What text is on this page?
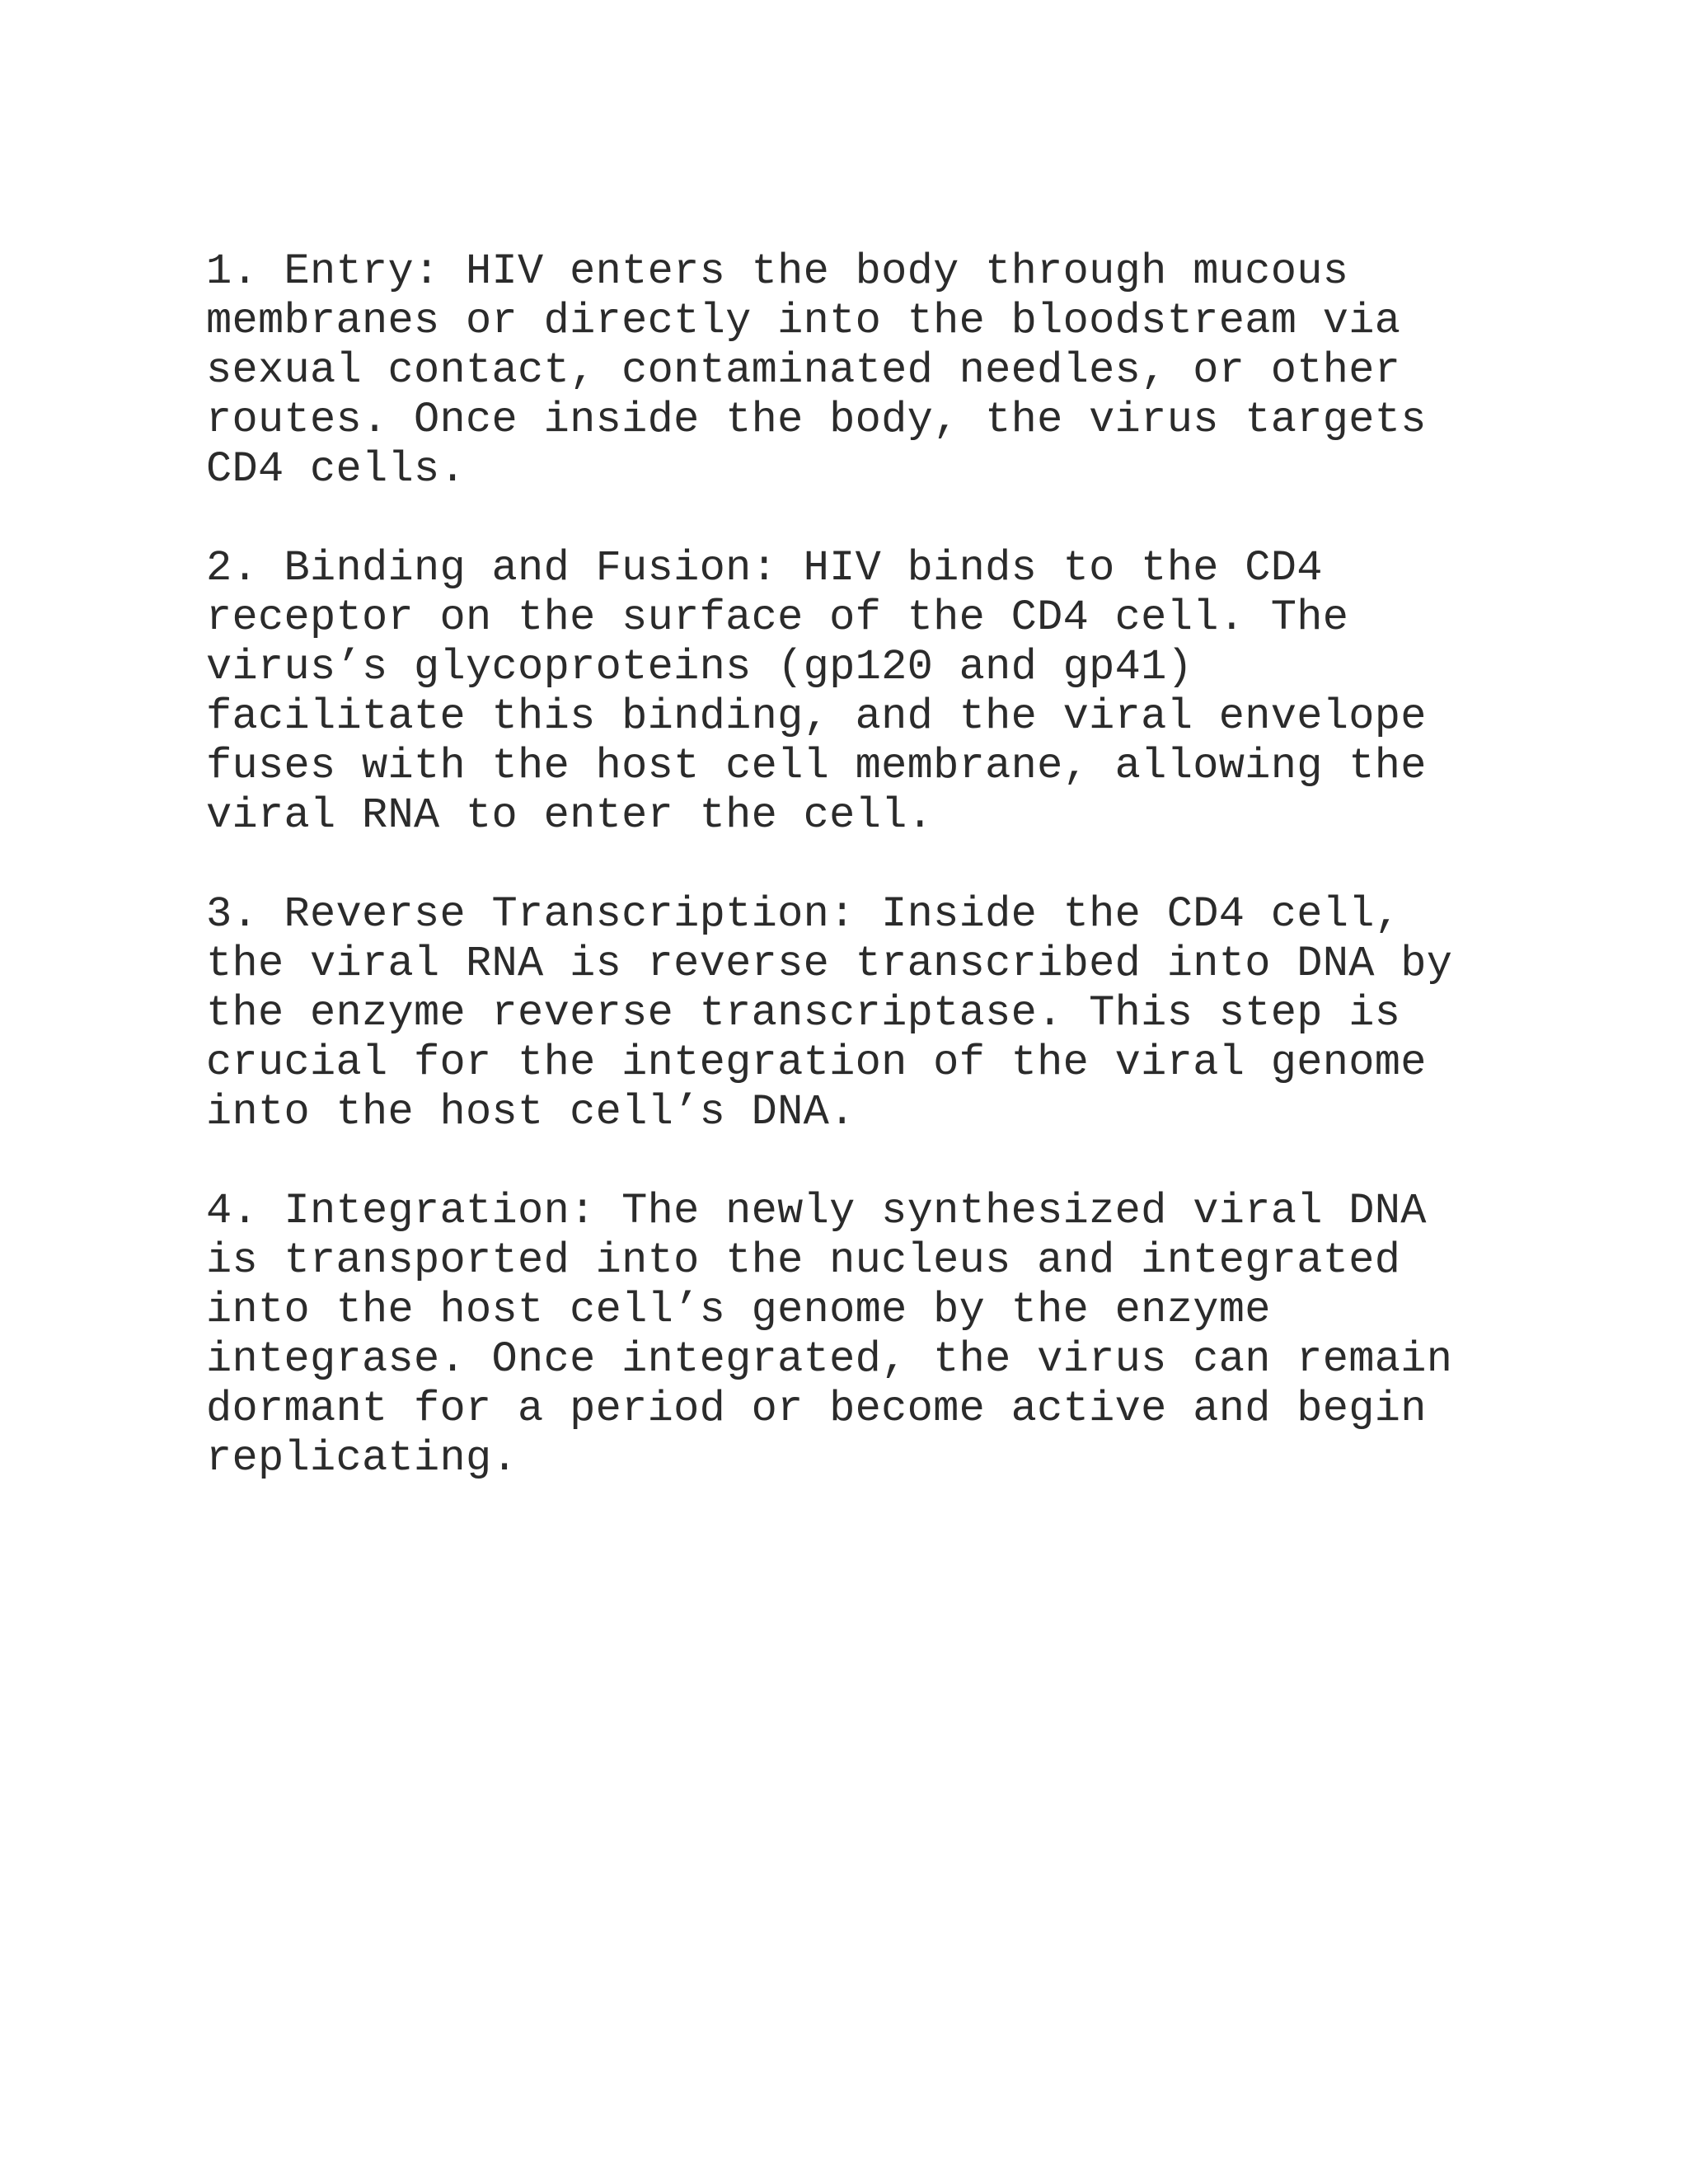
1. Entry: HIV enters the body through mucous
membranes or directly into the bloodstream via
sexual contact, contaminated needles, or other
routes. Once inside the body, the virus targets
CD4 cells.

2. Binding and Fusion: HIV binds to the CD4
receptor on the surface of the CD4 cell. The
virus’s glycoproteins (gp120 and gp41)
facilitate this binding, and the viral envelope
fuses with the host cell membrane, allowing the
viral RNA to enter the cell.

3. Reverse Transcription: Inside the CD4 cell,
the viral RNA is reverse transcribed into DNA by
the enzyme reverse transcriptase. This step is
crucial for the integration of the viral genome
into the host cell’s DNA.

4. Integration: The newly synthesized viral DNA
is transported into the nucleus and integrated
into the host cell’s genome by the enzyme
integrase. Once integrated, the virus can remain
dormant for a period or become active and begin
replicating.
